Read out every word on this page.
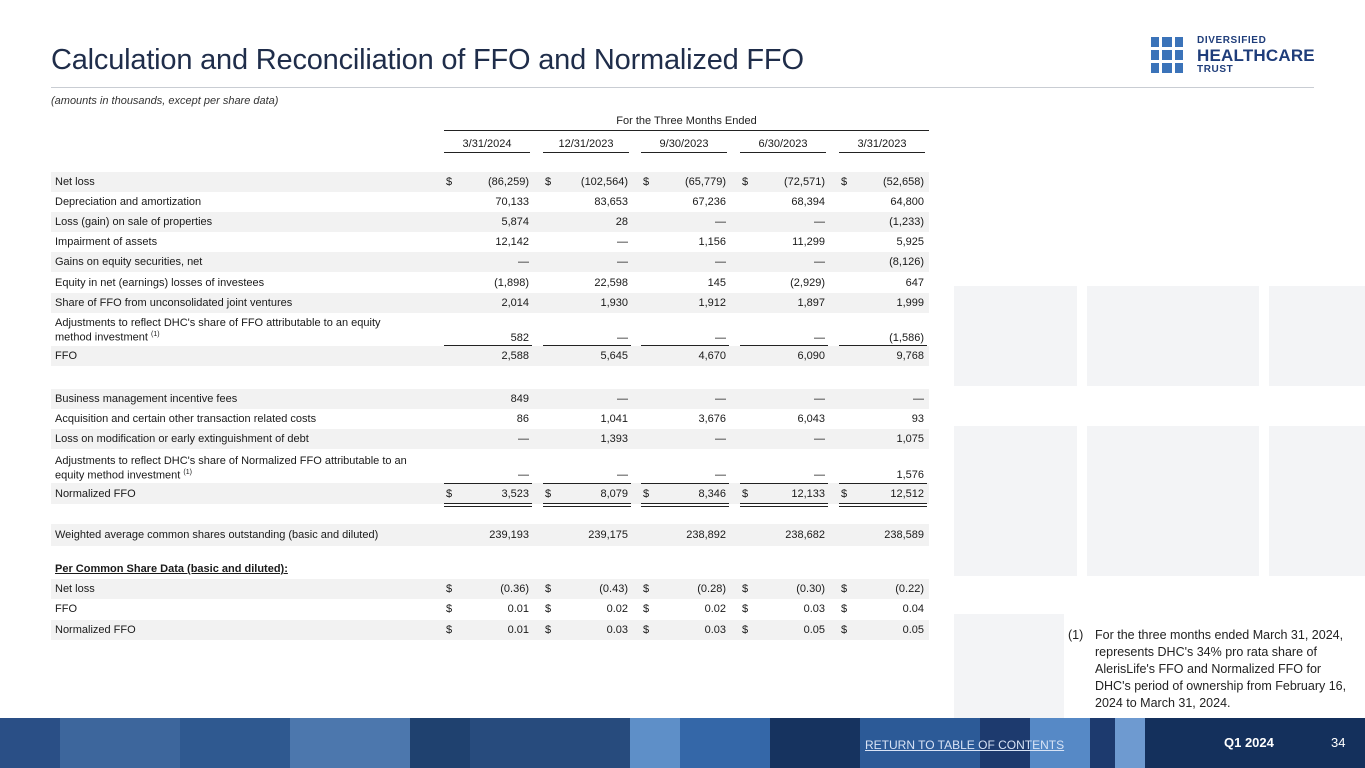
Calculation and Reconciliation of FFO and Normalized FFO
(amounts in thousands, except per share data)
DIVERSIFIED
HEALTHCARE
TRUST
For the Three Months Ended
3/31/2024	12/31/2023	9/30/2023	6/30/2023	3/31/2023
Net loss	$	(86,259) $	(102,564) $	(65,779) $	(72,571) $	(52,658)
Depreciation and amortization	70,133	83,653	67,236	68,394	64,800
Loss (gain) on sale of properties	5,874	28	—	—	(1,233)
Impairment of assets	12,142	—	1,156	11,299	5,925
Gains on equity securities, net	—	—	—	—	(8,126)
Equity in net (earnings) losses of investees	(1,898)	22,598	145	(2,929)	647
Share of FFO from unconsolidated joint ventures	2,014	1,930	1,912	1,897	1,999
Adjustments to reflect DHC's share of FFO attributable to an equity
method investment $^{(1)}$	582	—	—	—	(1,586)
FFO	2,588	5,645	4,670	6,090	9,768
Business management incentive fees	849	—	—	—	—
Acquisition and certain other transaction related costs	86	1,041	3,676	6,043	93
Loss on modification or early extinguishment of debt	—	1,393	—	—	1,075
Adjustments to reflect DHC's share of Normalized FFO attributable to an
equity method investment $^{(1)}$	—	—	—	—	1,576
Normalized FFO	$	3,523 $	8,079 $	8,346 $	12,133 $	12,512
Weighted average common shares outstanding (basic and diluted)	239,193	239,175	238,892	238,682	238,589
Per Common Share Data (basic and diluted):
Net loss	$	(0.36) $	(0.43) $	(0.28) $	(0.30) $	(0.22)
FFO	$	0.01 $	0.02 $	0.02 $	0.03 $	0.04
Normalized FFO	$	0.01 $	0.03 $	0.03 $	0.05 $	0.05	(1) For the three months ended March 31, 2024, represents DHC's 34% pro rata share of AlerisLife's FFO and Normalized FFO for DHC's period of ownership from February 16, 2024 to March 31, 2024.
RETURN TO TABLE OF CONTENTS	Q1 2024	34
